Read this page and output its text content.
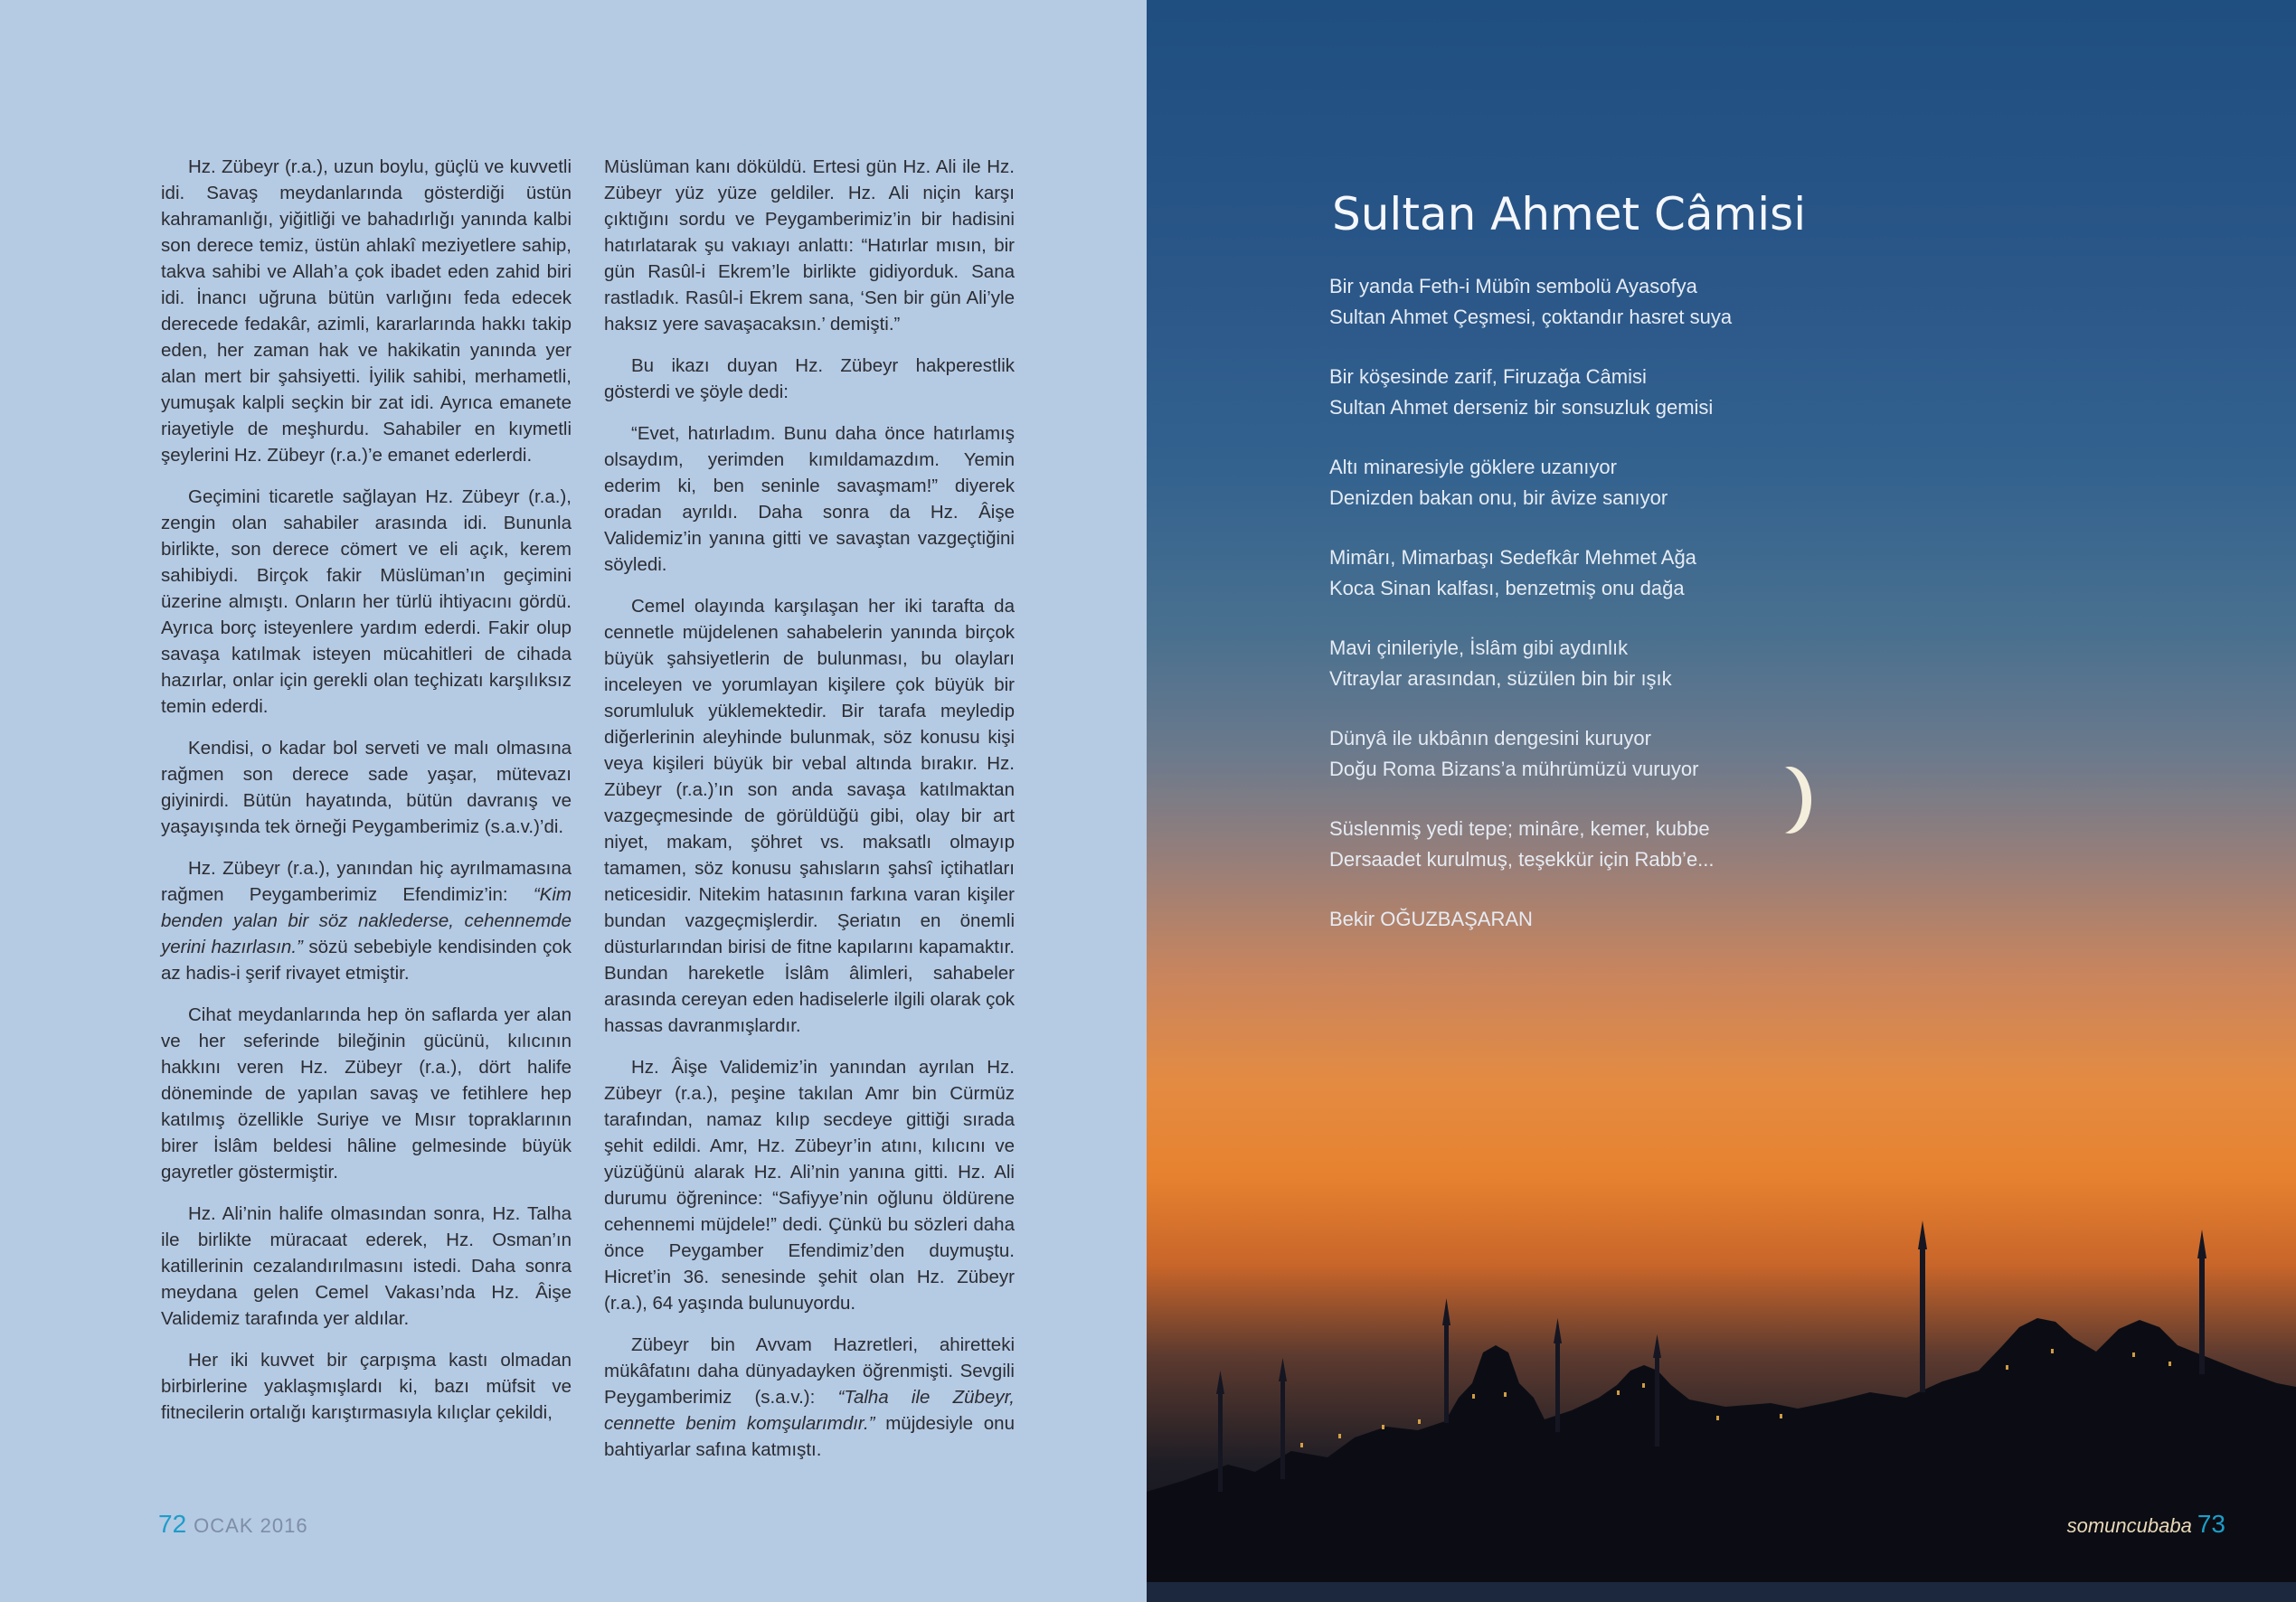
Hz. Zübeyr (r.a.), uzun boylu, güçlü ve kuvvetli idi. Savaş meydanlarında gösterdiği üstün kahramanlığı, yiğitliği ve bahadırlığı yanında kalbi son derece temiz, üstün ahlakî meziyetlere sahip, takva sahibi ve Allah’a çok ibadet eden zahid biri idi. İnancı uğruna bütün varlığını feda edecek derecede fedakâr, azimli, kararlarında hakkı takip eden, her zaman hak ve hakikatin yanında yer alan mert bir şahsiyetti. İyilik sahibi, merhametli, yumuşak kalpli seçkin bir zat idi. Ayrıca emanete riayetiyle de meşhurdu. Sahabiler en kıymetli şeylerini Hz. Zübeyr (r.a.)’e emanet ederlerdi.

Geçimini ticaretle sağlayan Hz. Zübeyr (r.a.), zengin olan sahabiler arasında idi. Bununla birlikte, son derece cömert ve eli açık, kerem sahibiydi. Birçok fakir Müslüman’ın geçimini üzerine almıştı. Onların her türlü ihtiyacını gördü. Ayrıca borç isteyenlere yardım ederdi. Fakir olup savaşa katılmak isteyen mücahitleri de cihada hazırlar, onlar için gerekli olan teçhizatı karşılıksız temin ederdi.

Kendisi, o kadar bol serveti ve malı olmasına rağmen son derece sade yaşar, mütevazı giyinirdi. Bütün hayatında, bütün davranış ve yaşayışında tek örneği Peygamberimiz (s.a.v.)’di.

Hz. Zübeyr (r.a.), yanından hiç ayrılmamasına rağmen Peygamberimiz Efendimiz’in: “Kim benden yalan bir söz naklederse, cehennemde yerini hazırlasın.” sözü sebebiyle kendisinden çok az hadis-i şerif rivayet etmiştir.

Cihat meydanlarında hep ön saflarda yer alan ve her seferinde bileğinin gücünü, kılıcının hakkını veren Hz. Zübeyr (r.a.), dört halife döneminde de yapılan savaş ve fetihlere hep katılmış özellikle Suriye ve Mısır topraklarının birer İslâm beldesi hâline gelmesinde büyük gayretler göstermiştir.

Hz. Ali’nin halife olmasından sonra, Hz. Talha ile birlikte müracaat ederek, Hz. Osman’ın katillerinin cezalandırılmasını istedi. Daha sonra meydana gelen Cemel Vakası’nda Hz. Âişe Validemiz tarafında yer aldılar.

Her iki kuvvet bir çarpışma kastı olmadan birbirlerine yaklaşmışlardı ki, bazı müfsit ve fitnecilerin ortalığı karıştırmasıyla kılıçlar çekildi,

Müslüman kanı döküldü. Ertesi gün Hz. Ali ile Hz. Zübeyr yüz yüze geldiler. Hz. Ali niçin karşı çıktığını sordu ve Peygamberimiz’in bir hadisini hatırlatarak şu vakıayı anlattı: “Hatırlar mısın, bir gün Rasûl-i Ekrem’le birlikte gidiyorduk. Sana rastladık. Rasûl-i Ekrem sana, ‘Sen bir gün Ali’yle haksız yere savaşacaksın.’ demişti.”

Bu ikazı duyan Hz. Zübeyr hakperestlik gösterdi ve şöyle dedi:

“Evet, hatırladım. Bunu daha önce hatırlamış olsaydım, yerimden kımıldamazdım. Yemin ederim ki, ben seninle savaşmam!” diyerek oradan ayrıldı. Daha sonra da Hz. Âişe Validemiz’in yanına gitti ve savaştan vazgeçtiğini söyledi.

Cemel olayında karşılaşan her iki tarafta da cennetle müjdelenen sahabelerin yanında birçok büyük şahsiyetlerin de bulunması, bu olayları inceleyen ve yorumlayan kişilere çok büyük bir sorumluluk yüklemektedir. Bir tarafa meyledip diğerlerinin aleyhinde bulunmak, söz konusu kişi veya kişileri büyük bir vebal altında bırakır. Hz. Zübeyr (r.a.)’ın son anda savaşa katılmaktan vazgeçmesinde de görüldüğü gibi, olay bir art niyet, makam, şöhret vs. maksatlı olmayıp tamamen, söz konusu şahısların şahsî içtihatları neticesidir. Nitekim hatasının farkına varan kişiler bundan vazgeçmişlerdir. Şeriatın en önemli düsturlarından birisi de fitne kapılarını kapamaktır. Bundan hareketle İslâm âlimleri, sahabeler arasında cereyan eden hadiselerle ilgili olarak çok hassas davranmışlardır.

Hz. Âişe Validemiz’in yanından ayrılan Hz. Zübeyr (r.a.), peşine takılan Amr bin Cürmüz tarafından, namaz kılıp secdeye gittiği sırada şehit edildi. Amr, Hz. Zübeyr’in atını, kılıcını ve yüzüğünü alarak Hz. Ali’nin yanına gitti. Hz. Ali durumu öğrenince: “Safiyye’nin oğlunu öldürene cehennemi müjdele!” dedi. Çünkü bu sözleri daha önce Peygamber Efendimiz’den duymuştu. Hicret’in 36. senesinde şehit olan Hz. Zübeyr (r.a.), 64 yaşında bulunuyordu.

Zübeyr bin Avvam Hazretleri, ahiretteki mükâfatını daha dünyadayken öğrenmişti. Sevgili Peygamberimiz (s.a.v.): “Talha ile Zübeyr, cennette benim komşularımdır.” müjdesiyle onu bahtiyarlar safına katmıştı.

72 OCAK 2016
Sultan Ahmet Câmisi
Bir yanda Feth-i Mübîn sembolü Ayasofya
Sultan Ahmet Çeşmesi, çoktandır hasret suya
Bir köşesinde zarif, Firuzağa Câmisi
Sultan Ahmet derseniz bir sonsuzluk gemisi
Altı minaresiyle göklere uzanıyor
Denizden bakan onu, bir âvize sanıyor
Mimârı, Mimarbaşı Sedefkâr Mehmet Ağa
Koca Sinan kalfası, benzetmiş onu dağa
Mavi çinileriyle, İslâm gibi aydınlık
Vitraylar arasından, süzülen bin bir ışık
Dünyâ ile ukbânın dengesini kuruyor
Doğu Roma Bizans’a mührümüzü vuruyor
Süslenmiş yedi tepe; minâre, kemer, kubbe
Dersaadet kurulmuş, teşekkür için Rabb’e...
Bekir OĞUZBAŞARAN
somuncubaba 73
